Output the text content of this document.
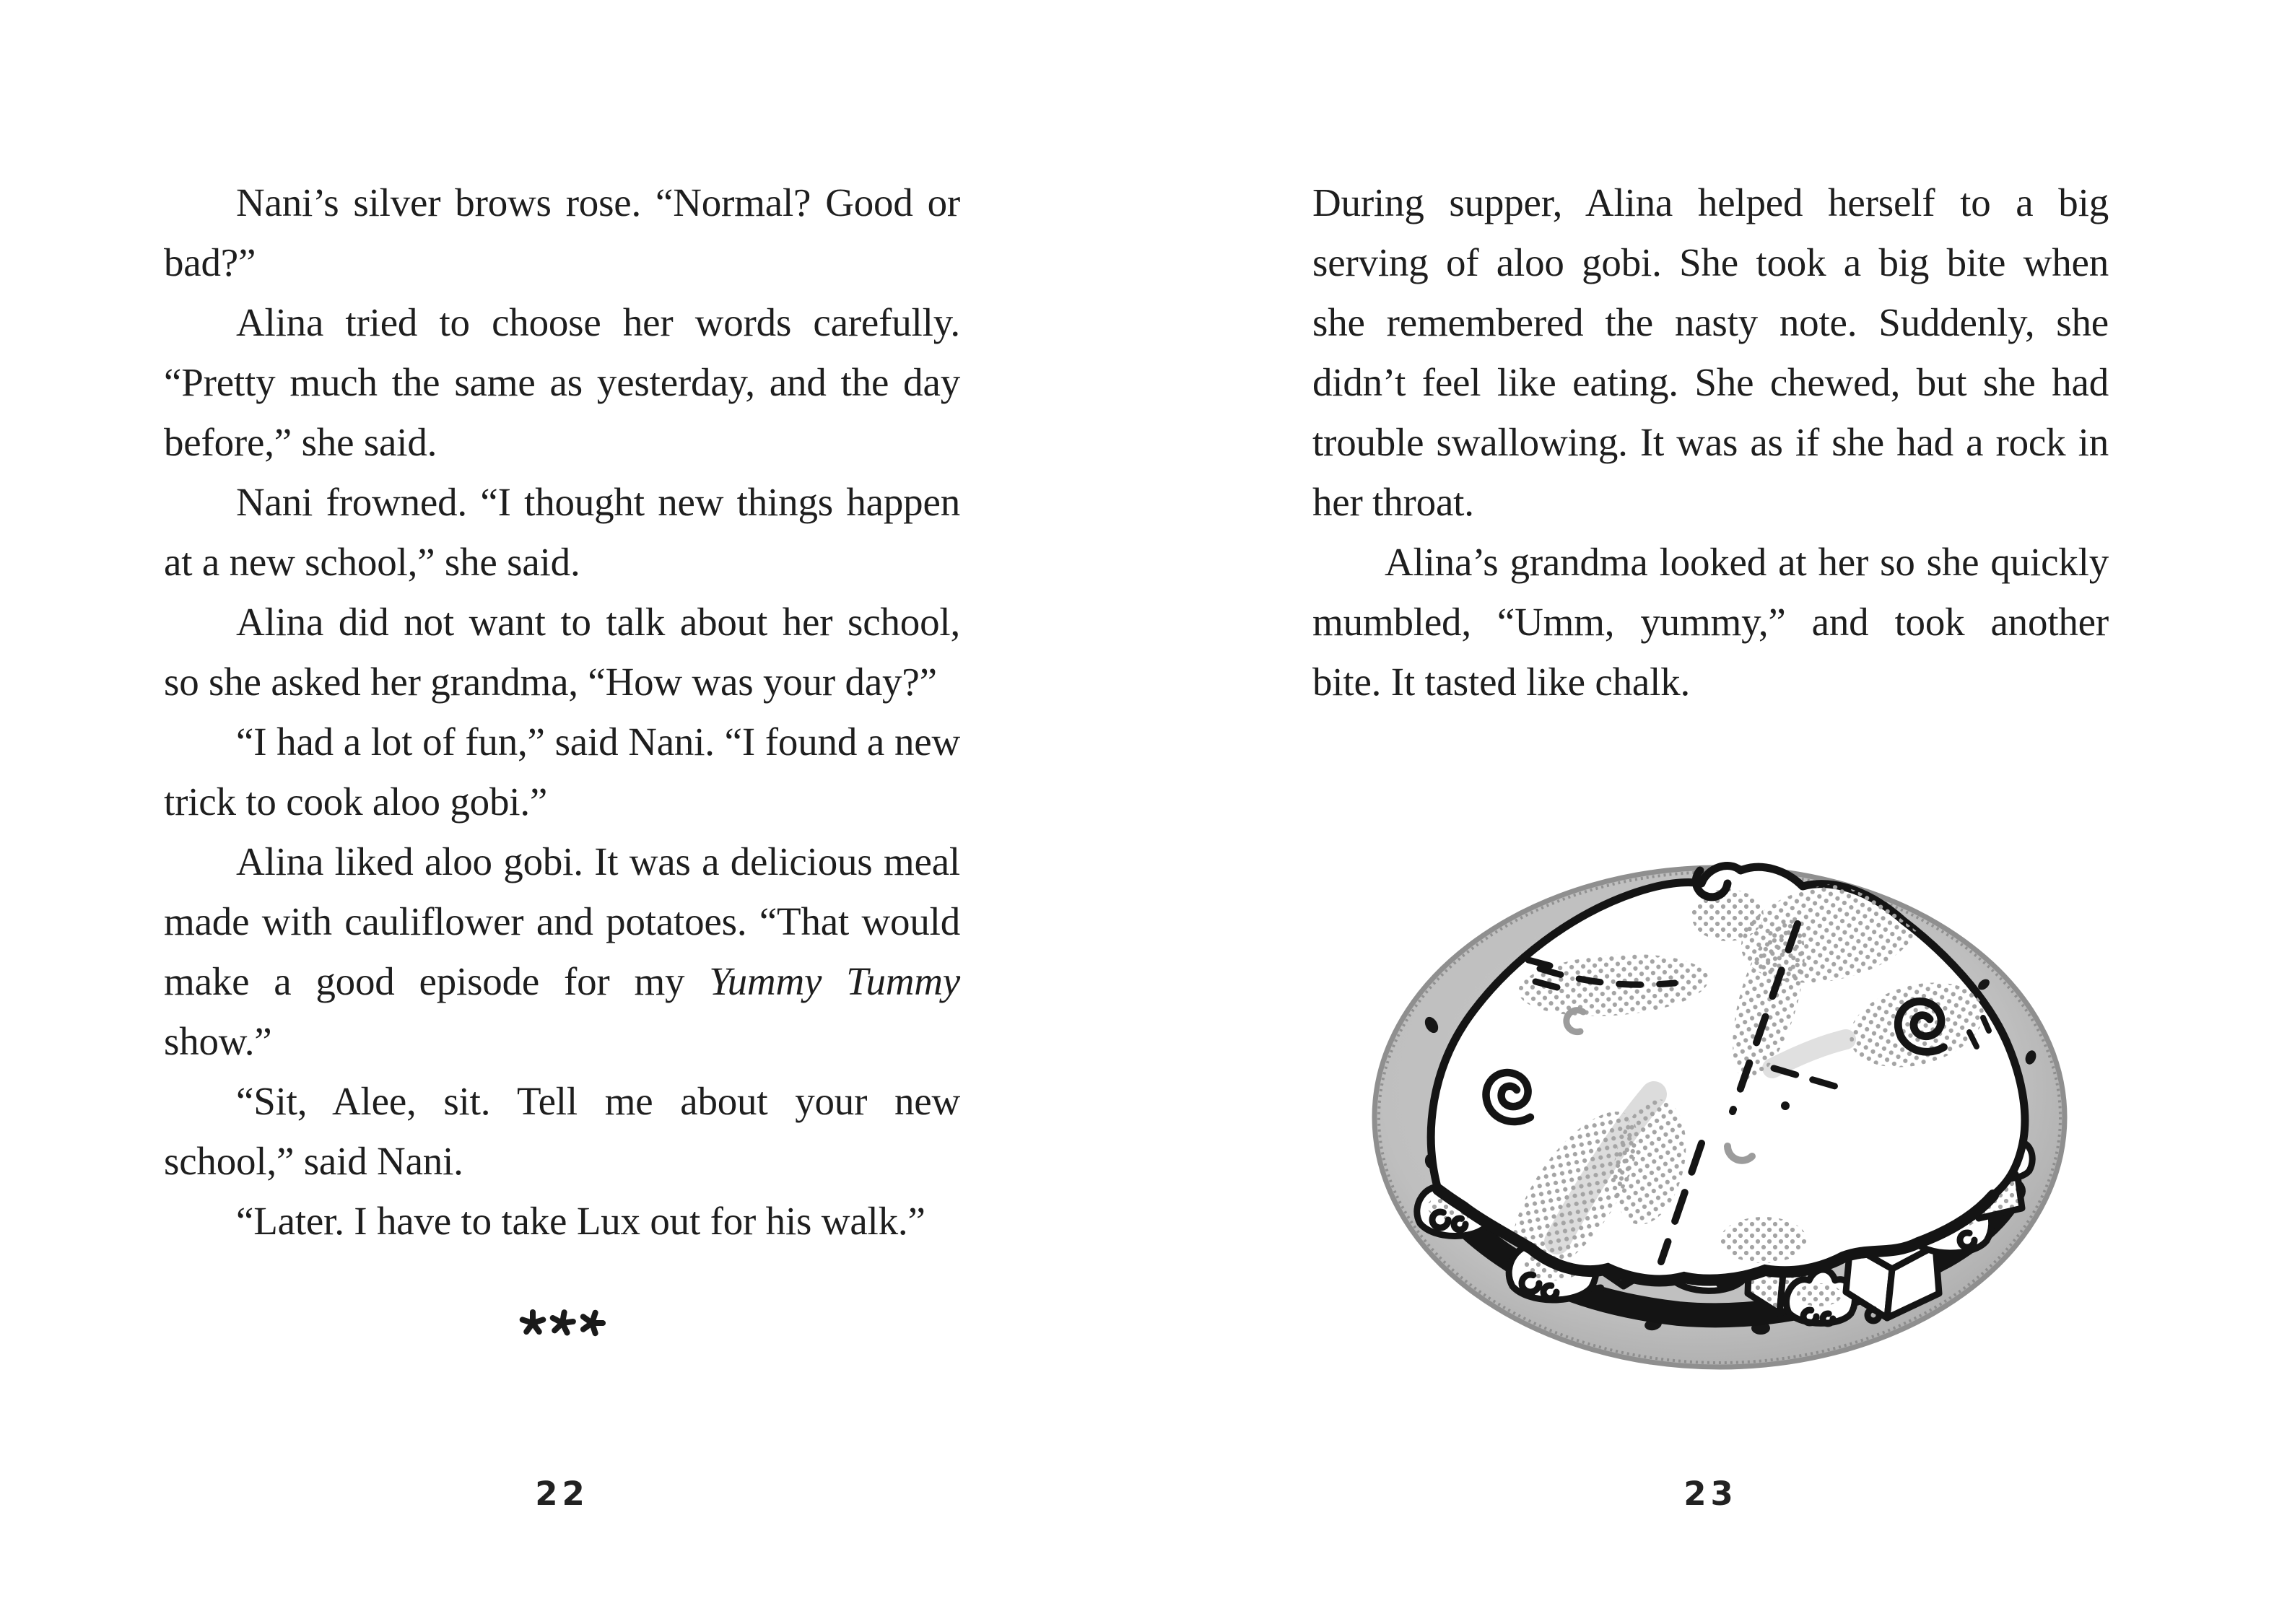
Nani’s silver brows rose. “Normal? Good or
bad?”
Alina tried to choose her words carefully.
“Pretty much the same as yesterday, and the day
before,” she said.
Nani frowned. “I thought new things happen
at a new school,” she said.
Alina did not want to talk about her school,
so she asked her grandma, “How was your day?”
“I had a lot of fun,” said Nani. “I found a new
trick to cook aloo gobi.”
Alina liked aloo gobi. It was a delicious meal
made with cauliflower and potatoes. “That would
make a good episode for my Yummy Tummy
show.”
“Sit, Alee, sit. Tell me about your new
school,” said Nani.
“Later. I have to take Lux out for his walk.”
22
During supper, Alina helped herself to a big
serving of aloo gobi. She took a big bite when
she remembered the nasty note. Suddenly, she
didn’t feel like eating. She chewed, but she had
trouble swallowing. It was as if she had a rock in
her throat.
Alina’s grandma looked at her so she quickly
mumbled, “Umm, yummy,” and took another
bite. It tasted like chalk.
23
